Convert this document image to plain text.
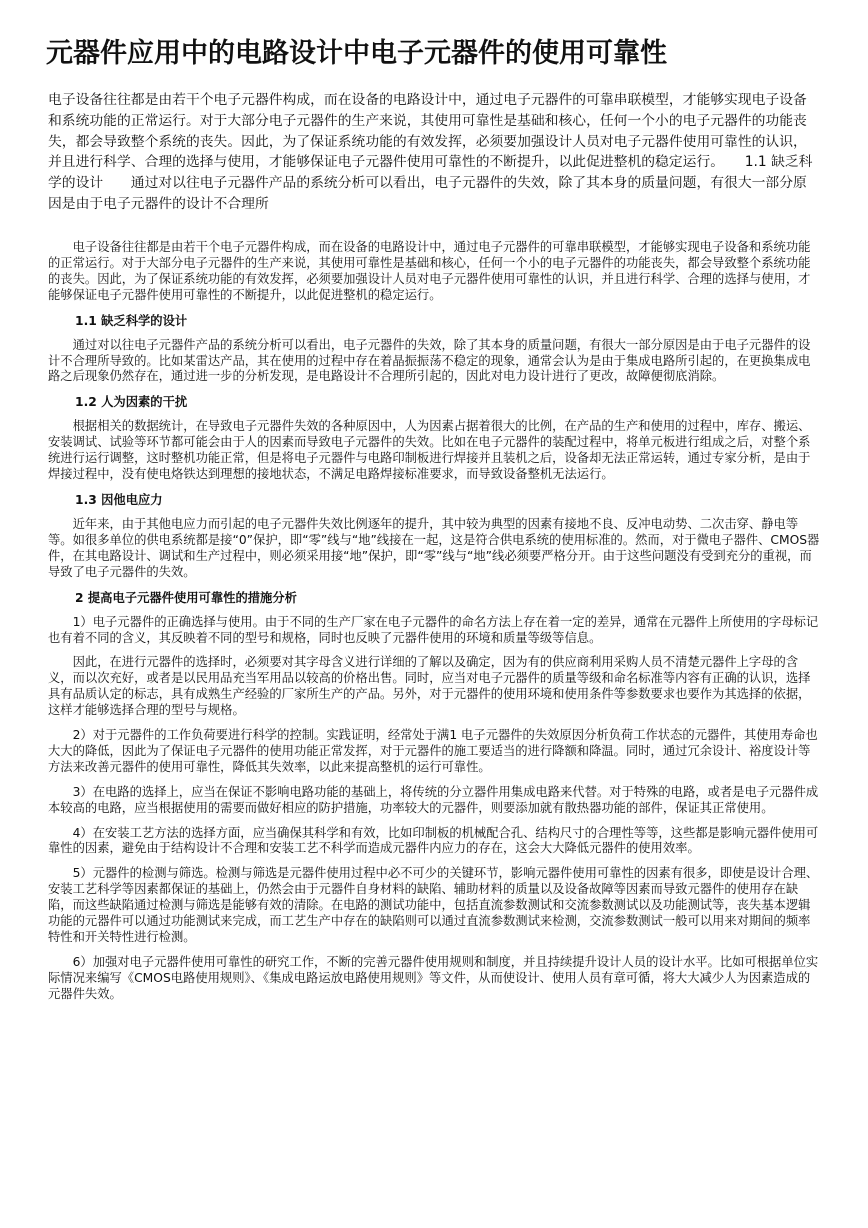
元器件应用中的电路设计中电子元器件的使用可靠性

电子设备往往都是由若干个电子元器件构成，而在设备的电路设计中，通过电子元器件的可靠串联模型，才能够实现电子设备和系统功能的正常运行。对于大部分电子元器件的生产来说，其使用可靠性是基础和核心，任何一个小的电子元器件的功能丧失，都会导致整个系统的丧失。因此，为了保证系统功能的有效发挥，必须要加强设计人员对电子元器件使用可靠性的认识，并且进行科学、合理的选择与使用，才能够保证电子元器件使用可靠性的不断提升，以此促进整机的稳定运行。　　1.1 缺乏科学的设计　　通过对以往电子元器件产品的系统分析可以看出，电子元器件的失效，除了其本身的质量问题，有很大一部分原因是由于电子元器件的设计不合理所

电子设备往往都是由若干个电子元器件构成，而在设备的电路设计中，通过电子元器件的可靠串联模型，才能够实现电子设备和系统功能的正常运行。对于大部分电子元器件的生产来说，其使用可靠性是基础和核心，任何一个小的电子元器件的功能丧失，都会导致整个系统功能的丧失。因此，为了保证系统功能的有效发挥，必须要加强设计人员对电子元器件使用可靠性的认识，并且进行科学、合理的选择与使用，才能够保证电子元器件使用可靠性的不断提升，以此促进整机的稳定运行。

1.1 缺乏科学的设计

通过对以往电子元器件产品的系统分析可以看出，电子元器件的失效，除了其本身的质量问题，有很大一部分原因是由于电子元器件的设计不合理所导致的。比如某雷达产品，其在使用的过程中存在着晶振振荡不稳定的现象，通常会认为是由于集成电路所引起的，在更换集成电路之后现象仍然存在，通过进一步的分析发现，是电路设计不合理所引起的，因此对电力设计进行了更改，故障便彻底消除。

1.2 人为因素的干扰

根据相关的数据统计，在导致电子元器件失效的各种原因中，人为因素占据着很大的比例，在产品的生产和使用的过程中，库存、搬运、安装调试、试验等环节都可能会由于人的因素而导致电子元器件的失效。比如在电子元器件的装配过程中，将单元板进行组成之后，对整个系统进行运行调整，这时整机功能正常，但是将电子元器件与电路印制板进行焊接并且装机之后，设备却无法正常运转，通过专家分析，是由于焊接过程中，没有使电烙铁达到理想的接地状态，不满足电路焊接标准要求，而导致设备整机无法运行。

1.3 因他电应力

近年来，由于其他电应力而引起的电子元器件失效比例逐年的提升，其中较为典型的因素有接地不良、反冲电动势、二次击穿、静电等等。如很多单位的供电系统都是接“0”保护，即“零”线与“地”线接在一起，这是符合供电系统的使用标准的。然而，对于微电子器件、CMOS器件，在其电路设计、调试和生产过程中，则必须采用接“地”保护，即“零”线与“地”线必须要严格分开。由于这些问题没有受到充分的重视，而导致了电子元器件的失效。

2 提高电子元器件使用可靠性的措施分析

1）电子元器件的正确选择与使用。由于不同的生产厂家在电子元器件的命名方法上存在着一定的差异，通常在元器件上所使用的字母标记也有着不同的含义，其反映着不同的型号和规格，同时也反映了元器件使用的环境和质量等级等信息。

因此，在进行元器件的选择时，必须要对其字母含义进行详细的了解以及确定，因为有的供应商利用采购人员不清楚元器件上字母的含义，而以次充好，或者是以民用品充当军用品以较高的价格出售。同时，应当对电子元器件的质量等级和命名标准等内容有正确的认识，选择具有品质认定的标志，具有成熟生产经验的厂家所生产的产品。另外，对于元器件的使用环境和使用条件等参数要求也要作为其选择的依据，这样才能够选择合理的型号与规格。

2）对于元器件的工作负荷要进行科学的控制。实践证明，经常处于满1 电子元器件的失效原因分析负荷工作状态的元器件，其使用寿命也大大的降低，因此为了保证电子元器件的使用功能正常发挥，对于元器件的施工要适当的进行降额和降温。同时，通过冗余设计、裕度设计等方法来改善元器件的使用可靠性，降低其失效率，以此来提高整机的运行可靠性。

3）在电路的选择上，应当在保证不影响电路功能的基础上，将传统的分立器件用集成电路来代替。对于特殊的电路，或者是电子元器件成本较高的电路，应当根据使用的需要而做好相应的防护措施，功率较大的元器件，则要添加就有散热器功能的部件，保证其正常使用。

4）在安装工艺方法的选择方面，应当确保其科学和有效，比如印制板的机械配合孔、结构尺寸的合理性等等，这些都是影响元器件使用可靠性的因素，避免由于结构设计不合理和安装工艺不科学而造成元器件内应力的存在，这会大大降低元器件的使用效率。

5）元器件的检测与筛选。检测与筛选是元器件使用过程中必不可少的关键环节，影响元器件使用可靠性的因素有很多，即使是设计合理、安装工艺科学等因素都保证的基础上，仍然会由于元器件自身材料的缺陷、辅助材料的质量以及设备故障等因素而导致元器件的使用存在缺陷，而这些缺陷通过检测与筛选是能够有效的清除。在电路的测试功能中，包括直流参数测试和交流参数测试以及功能测试等，丧失基本逻辑功能的元器件可以通过功能测试来完成，而工艺生产中存在的缺陷则可以通过直流参数测试来检测，交流参数测试一般可以用来对期间的频率特性和开关特性进行检测。

6）加强对电子元器件使用可靠性的研究工作，不断的完善元器件使用规则和制度，并且持续提升设计人员的设计水平。比如可根据单位实际情况来编写《CMOS电路使用规则》、《集成电路运放电路使用规则》等文件，从而使设计、使用人员有章可循，将大大减少人为因素造成的元器件失效。
